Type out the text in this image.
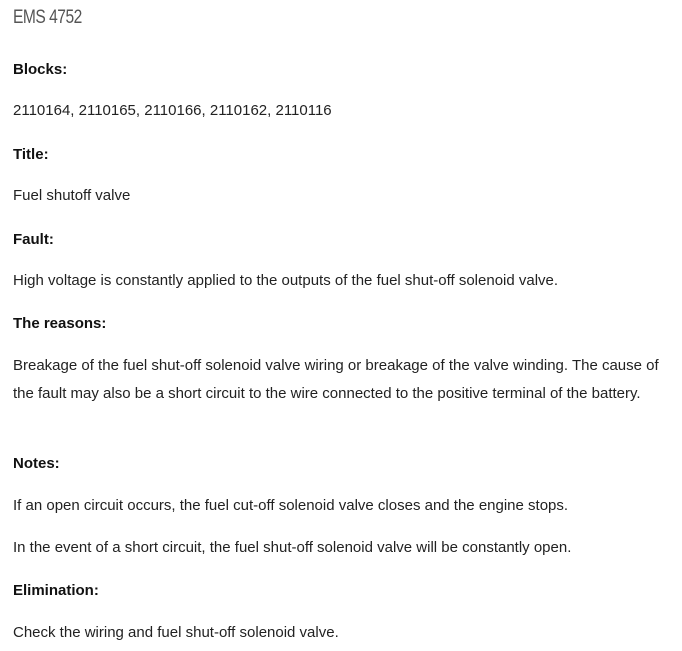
EMS 4752
Blocks:

2110164, 2110165, 2110166, 2110162, 2110116

Title:

Fuel shutoff valve

Fault:

High voltage is constantly applied to the outputs of the fuel shut-off solenoid valve.

The reasons:

Breakage of the fuel shut-off solenoid valve wiring or breakage of the valve winding. The cause of the fault may also be a short circuit to the wire connected to the positive terminal of the battery.

Notes:

If an open circuit occurs, the fuel cut-off solenoid valve closes and the engine stops.

In the event of a short circuit, the fuel shut-off solenoid valve will be constantly open.

Elimination:

Check the wiring and fuel shut-off solenoid valve.
